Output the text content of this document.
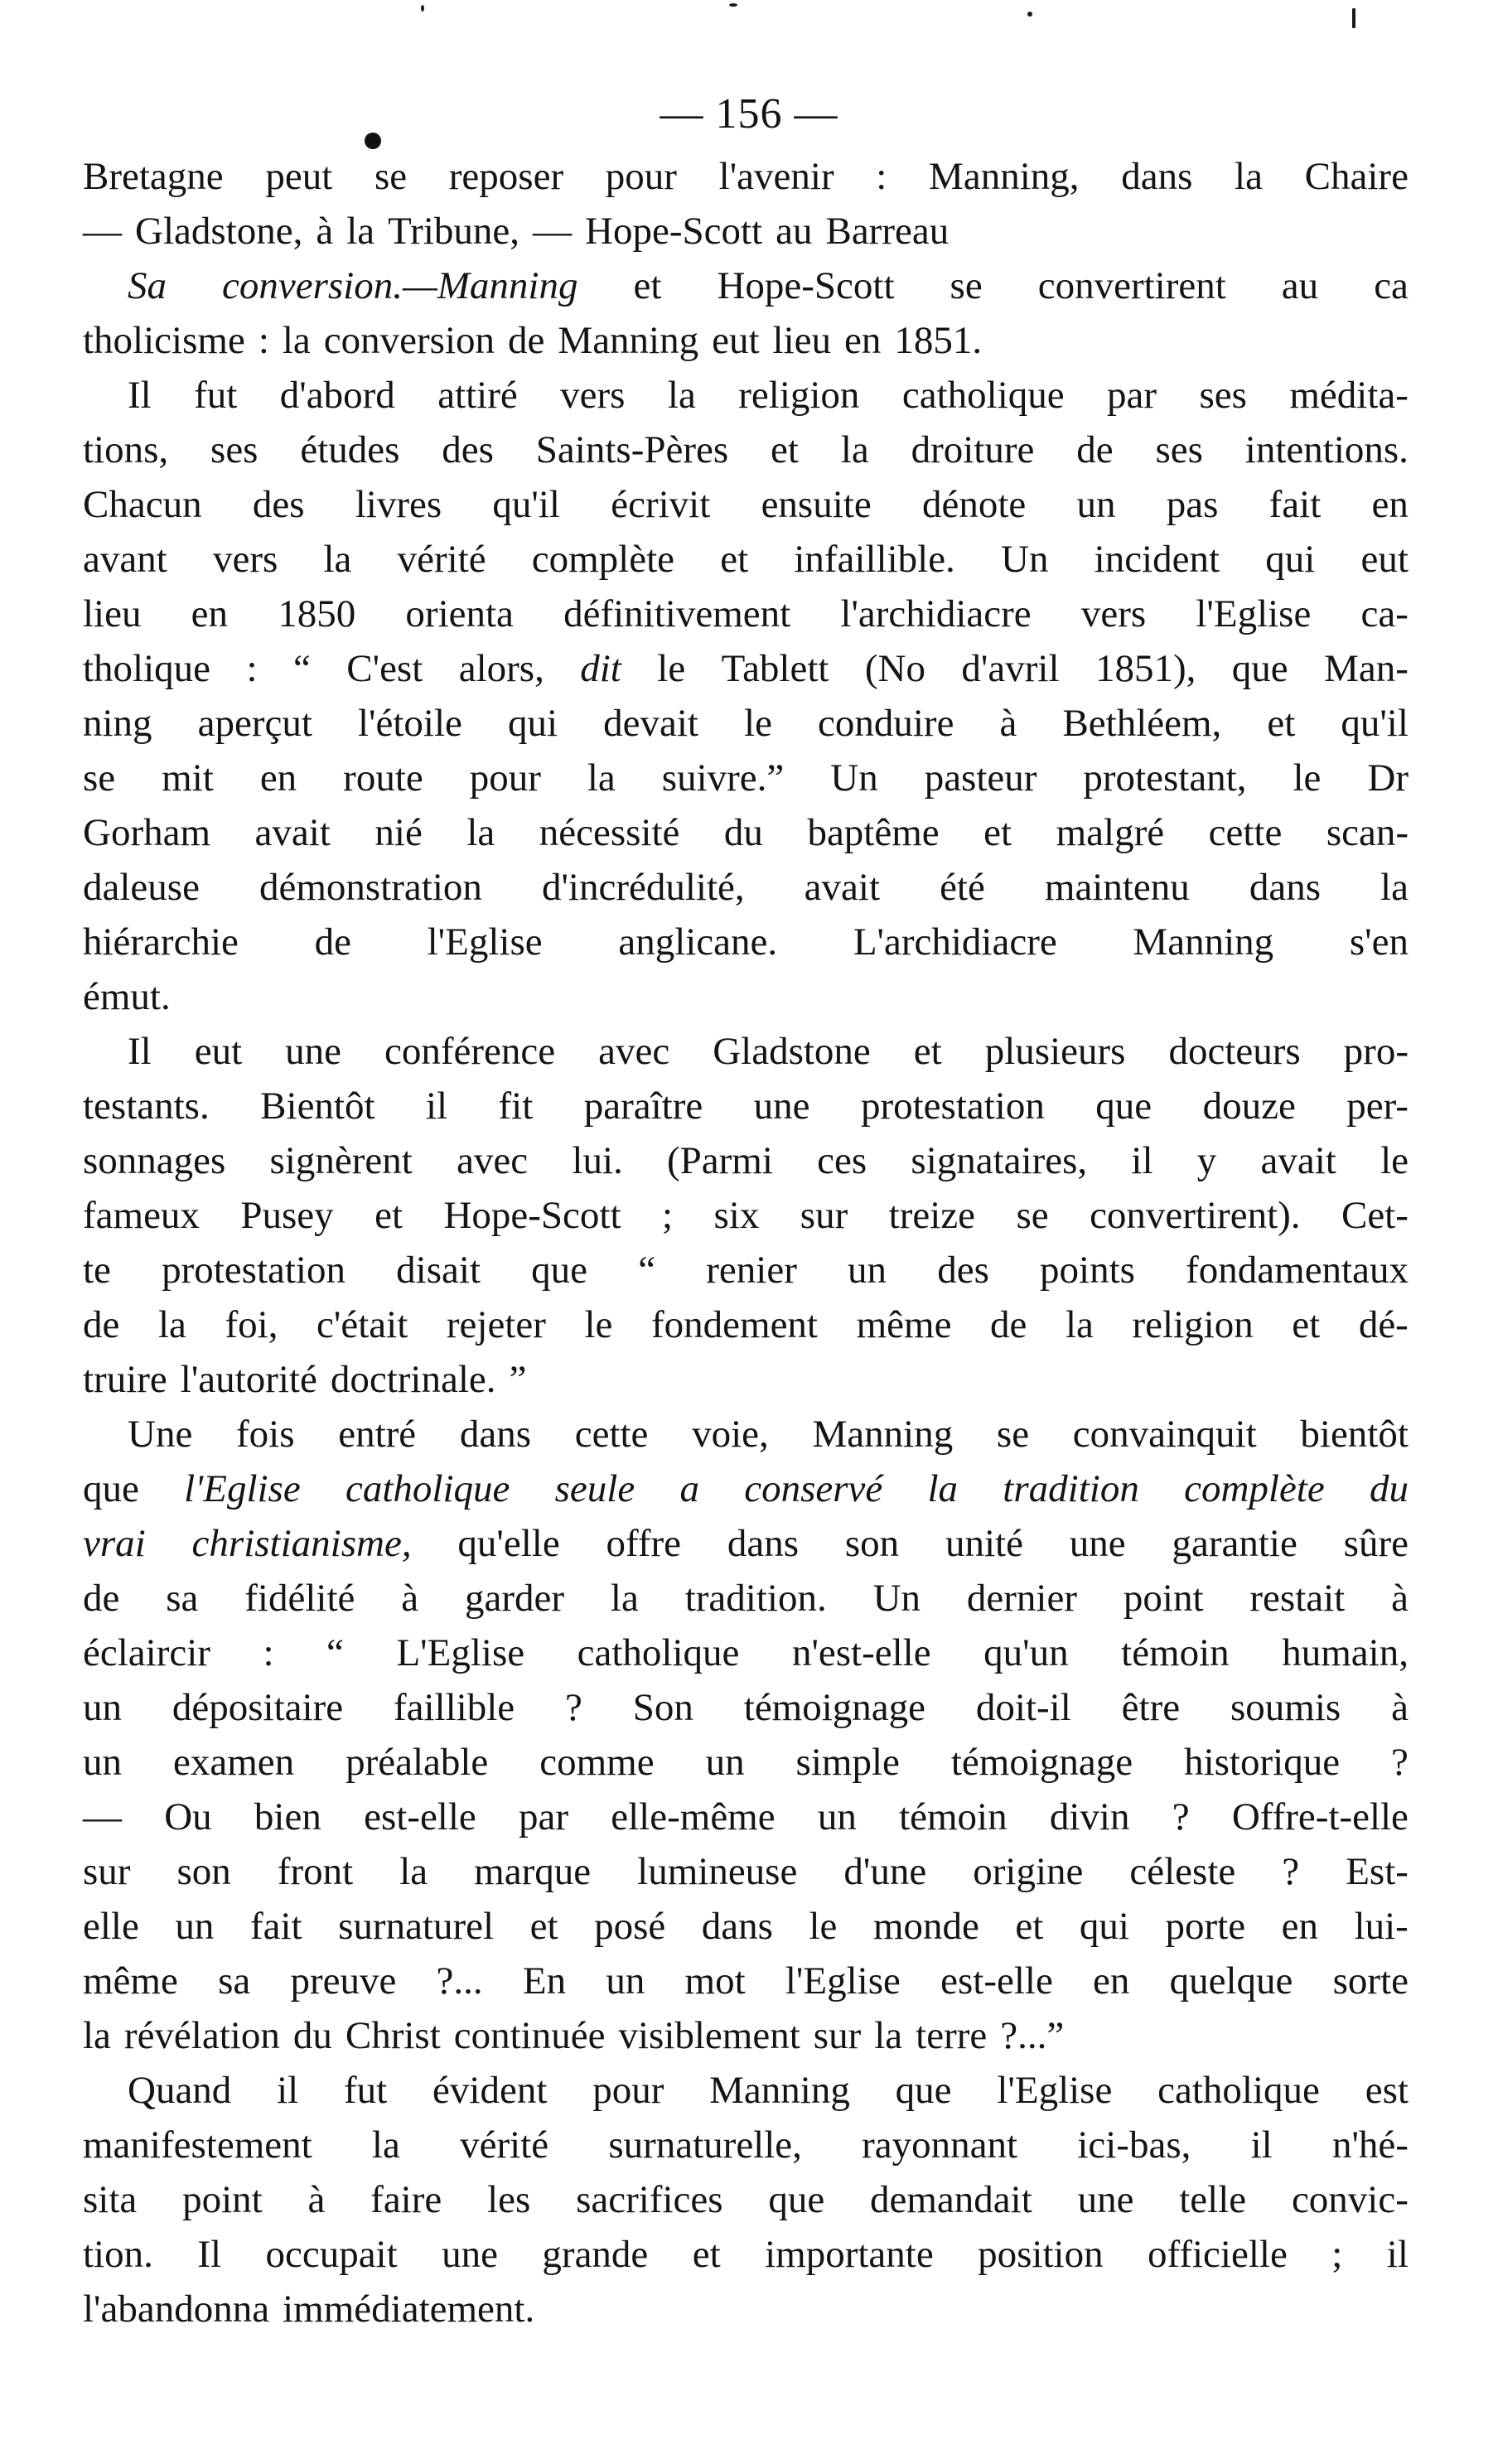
— 156 —
Bretagne peut se reposer pour l'avenir : Manning, dans la Chaire
— Gladstone, à la Tribune, — Hope-Scott au Barreau
Sa conversion.—Manning et Hope-Scott se convertirent au ca
tholicisme : la conversion de Manning eut lieu en 1851.
Il fut d'abord attiré vers la religion catholique par ses médita-
tions, ses études des Saints-Pères et la droiture de ses intentions.
Chacun des livres qu'il écrivit ensuite dénote un pas fait en
avant vers la vérité complète et infaillible. Un incident qui eut
lieu en 1850 orienta définitivement l'archidiacre vers l'Eglise ca-
tholique : “ C'est alors, dit le Tablett (No d'avril 1851), que Man-
ning aperçut l'étoile qui devait le conduire à Bethléem, et qu'il
se mit en route pour la suivre.” Un pasteur protestant, le Dr
Gorham avait nié la nécessité du baptême et malgré cette scan-
daleuse démonstration d'incrédulité, avait été maintenu dans la
hiérarchie de l'Eglise anglicane. L'archidiacre Manning s'en
émut.
Il eut une conférence avec Gladstone et plusieurs docteurs pro-
testants. Bientôt il fit paraître une protestation que douze per-
sonnages signèrent avec lui. (Parmi ces signataires, il y avait le
fameux Pusey et Hope-Scott ; six sur treize se convertirent). Cet-
te protestation disait que “ renier un des points fondamentaux
de la foi, c'était rejeter le fondement même de la religion et dé-
truire l'autorité doctrinale. ”
Une fois entré dans cette voie, Manning se convainquit bientôt
que l'Eglise catholique seule a conservé la tradition complète du
vrai christianisme, qu'elle offre dans son unité une garantie sûre
de sa fidélité à garder la tradition. Un dernier point restait à
éclaircir : “ L'Eglise catholique n'est-elle qu'un témoin humain,
un dépositaire faillible ? Son témoignage doit-il être soumis à
un examen préalable comme un simple témoignage historique ?
— Ou bien est-elle par elle-même un témoin divin ? Offre-t-elle
sur son front la marque lumineuse d'une origine céleste ? Est-
elle un fait surnaturel et posé dans le monde et qui porte en lui-
même sa preuve ?... En un mot l'Eglise est-elle en quelque sorte
la révélation du Christ continuée visiblement sur la terre ?...”
Quand il fut évident pour Manning que l'Eglise catholique est
manifestement la vérité surnaturelle, rayonnant ici-bas, il n'hé-
sita point à faire les sacrifices que demandait une telle convic-
tion. Il occupait une grande et importante position officielle ; il
l'abandonna immédiatement.
